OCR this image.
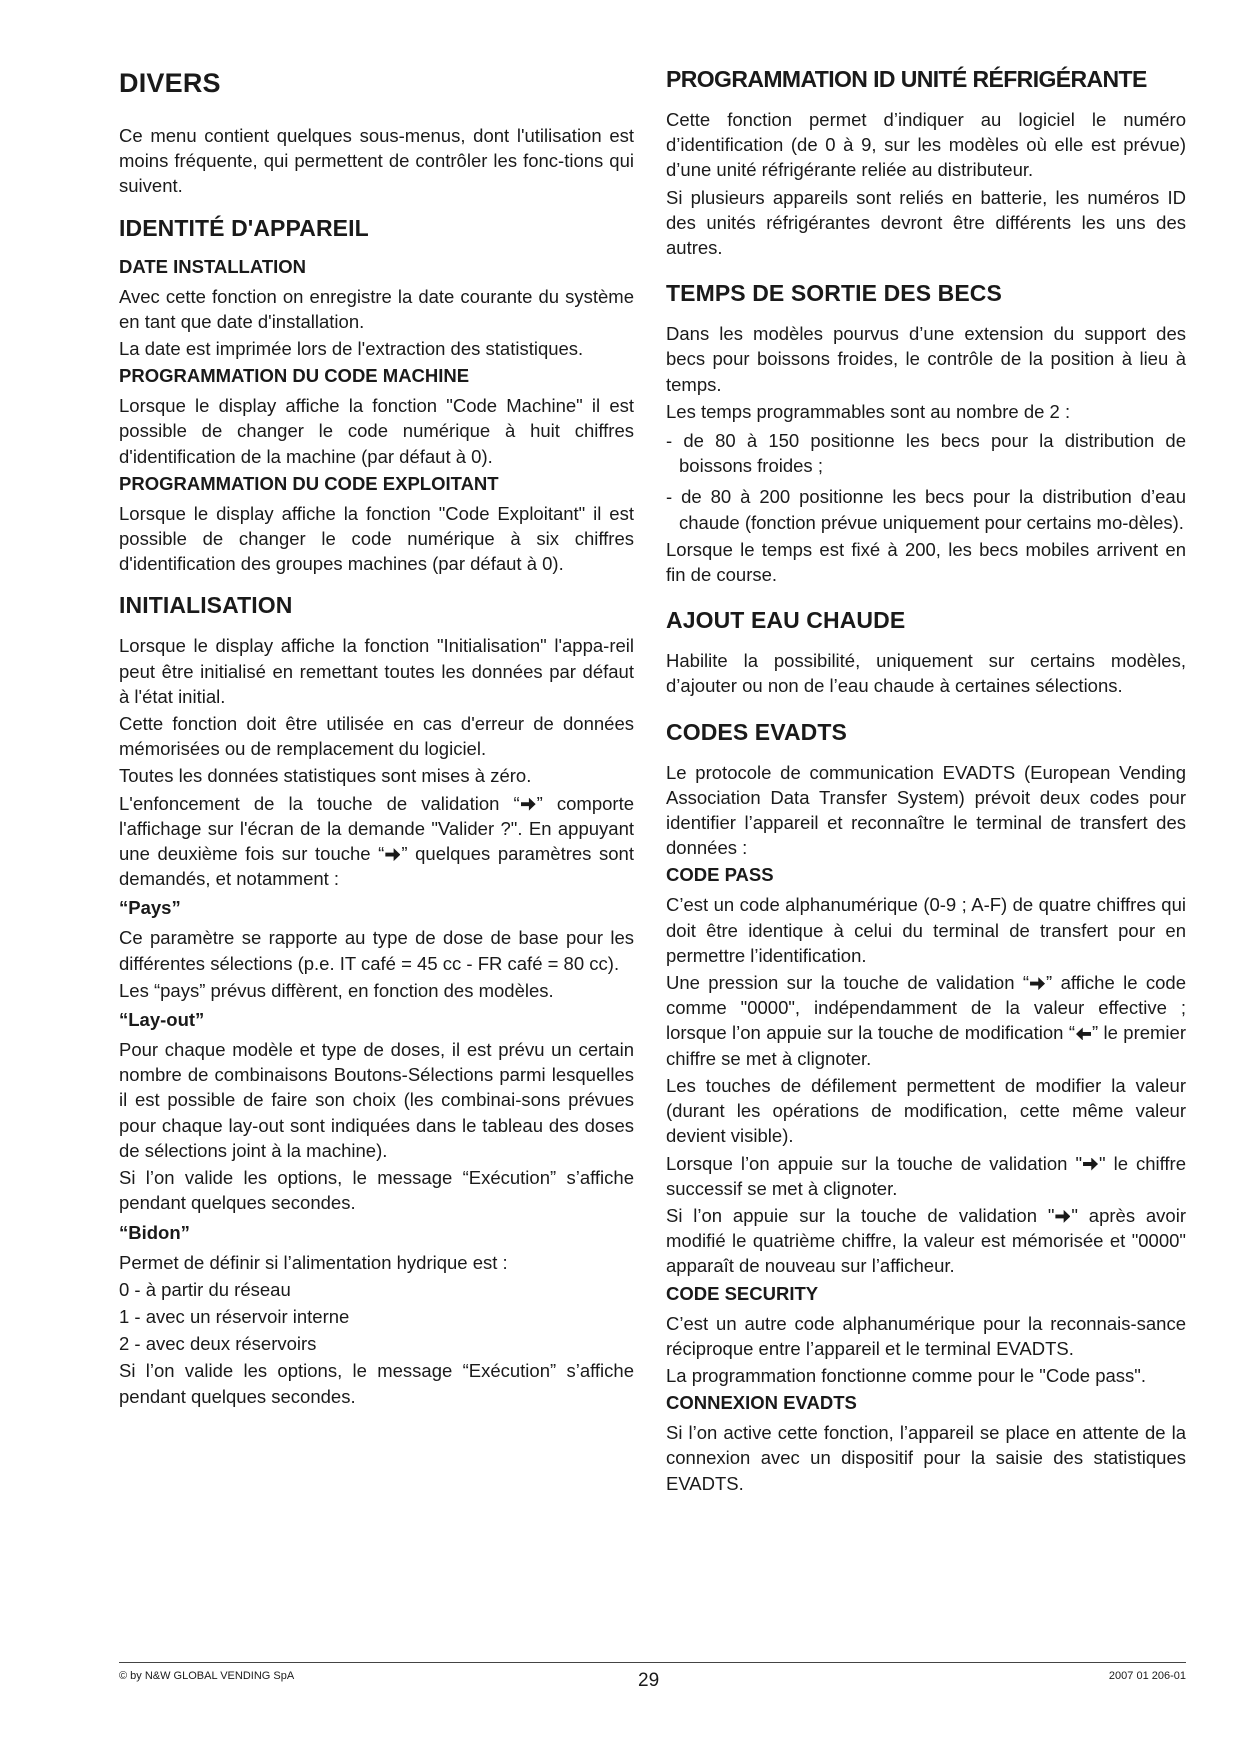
DIVERS

Ce menu contient quelques sous-menus, dont l'utilisation est moins fréquente, qui permettent de contrôler les fonc-tions qui suivent.

IDENTITÉ D'APPAREIL
DATE INSTALLATION

Avec cette fonction on enregistre la date courante du système en tant que date d'installation.

La date est imprimée lors de l'extraction des statistiques.

PROGRAMMATION DU CODE MACHINE

Lorsque le display affiche la fonction "Code Machine" il est possible de changer le code numérique à huit chiffres d'identification de la machine (par défaut à 0).

PROGRAMMATION DU CODE EXPLOITANT

Lorsque le display affiche la fonction "Code Exploitant" il est possible de changer le code numérique à six chiffres d'identification des groupes machines (par défaut à 0).

INITIALISATION

Lorsque le display affiche la fonction "Initialisation" l'appa-reil peut être initialisé en remettant toutes les données par défaut à l'état initial.

Cette fonction doit être utilisée en cas d'erreur de données mémorisées ou de remplacement du logiciel.

Toutes les données statistiques sont mises à zéro.

L'enfoncement de la touche de validation “ ” comporte l'affichage sur l'écran de la demande "Valider ?". En appuyant une deuxième fois sur touche “ ” quelques paramètres sont demandés, et notamment :

“Pays”

Ce paramètre se rapporte au type de dose de base pour les différentes sélections (p.e. IT café = 45 cc - FR café = 80 cc).

Les “pays” prévus diffèrent, en fonction des modèles.

“Lay-out”

Pour chaque modèle et type de doses, il est prévu un certain nombre de combinaisons Boutons-Sélections parmi lesquelles il est possible de faire son choix (les combinai-sons prévues pour chaque lay-out sont indiquées dans le tableau des doses de sélections joint à la machine).

Si l’on valide les options, le message “Exécution” s’affiche pendant quelques secondes.

“Bidon”

Permet de définir si l’alimentation hydrique est :

0 - à partir du réseau

1 - avec un réservoir interne

2 - avec deux réservoirs

Si l’on valide les options, le message “Exécution” s’affiche pendant quelques secondes.

PROGRAMMATION ID UNITÉ RÉFRIGÉRANTE

Cette fonction permet d’indiquer au logiciel le numéro d’identification (de 0 à 9, sur les modèles où elle est prévue) d’une unité réfrigérante reliée au distributeur.

Si plusieurs appareils sont reliés en batterie, les numéros ID des unités réfrigérantes devront être différents les uns des autres.

TEMPS DE SORTIE DES BECS

Dans les modèles pourvus d’une extension du support des becs pour boissons froides, le contrôle de la position à lieu à temps.

Les temps programmables sont au nombre de 2 :

- de 80 à 150 positionne les becs pour la distribution de boissons froides ;

- de 80 à 200 positionne les becs pour la distribution d’eau chaude (fonction prévue uniquement pour certains mo-dèles).

Lorsque le temps est fixé à 200, les becs mobiles arrivent en fin de course.

AJOUT EAU CHAUDE

Habilite la possibilité, uniquement sur certains modèles, d’ajouter ou non de l’eau chaude à certaines sélections.

CODES EVADTS

Le protocole de communication EVADTS (European Vending Association Data Transfer System) prévoit deux codes pour identifier l’appareil et reconnaître le terminal de transfert des données :

CODE PASS

C’est un code alphanumérique (0-9 ; A-F) de quatre chiffres qui doit être identique à celui du terminal de transfert pour en permettre l’identification.

Une pression sur la touche de validation “ ” affiche le code comme "0000", indépendamment de la valeur effective ; lorsque l’on appuie sur la touche de modification “ ” le premier chiffre se met à clignoter.

Les touches de défilement permettent de modifier la valeur (durant les opérations de modification, cette même valeur devient visible).

Lorsque l’on appuie sur la touche de validation " " le chiffre successif se met à clignoter.

Si l’on appuie sur la touche de validation " " après avoir modifié le quatrième chiffre, la valeur est mémorisée et "0000" apparaît de nouveau sur l’afficheur.

CODE SECURITY

C’est un autre code alphanumérique pour la reconnais-sance réciproque entre l’appareil et le terminal EVADTS.

La programmation fonctionne comme pour le "Code pass".

CONNEXION EVADTS

Si l’on active cette fonction, l’appareil se place en attente de la connexion avec un dispositif pour la saisie des statistiques EVADTS.

© by N&W GLOBAL VENDING SpA	29	2007 01 206-01
